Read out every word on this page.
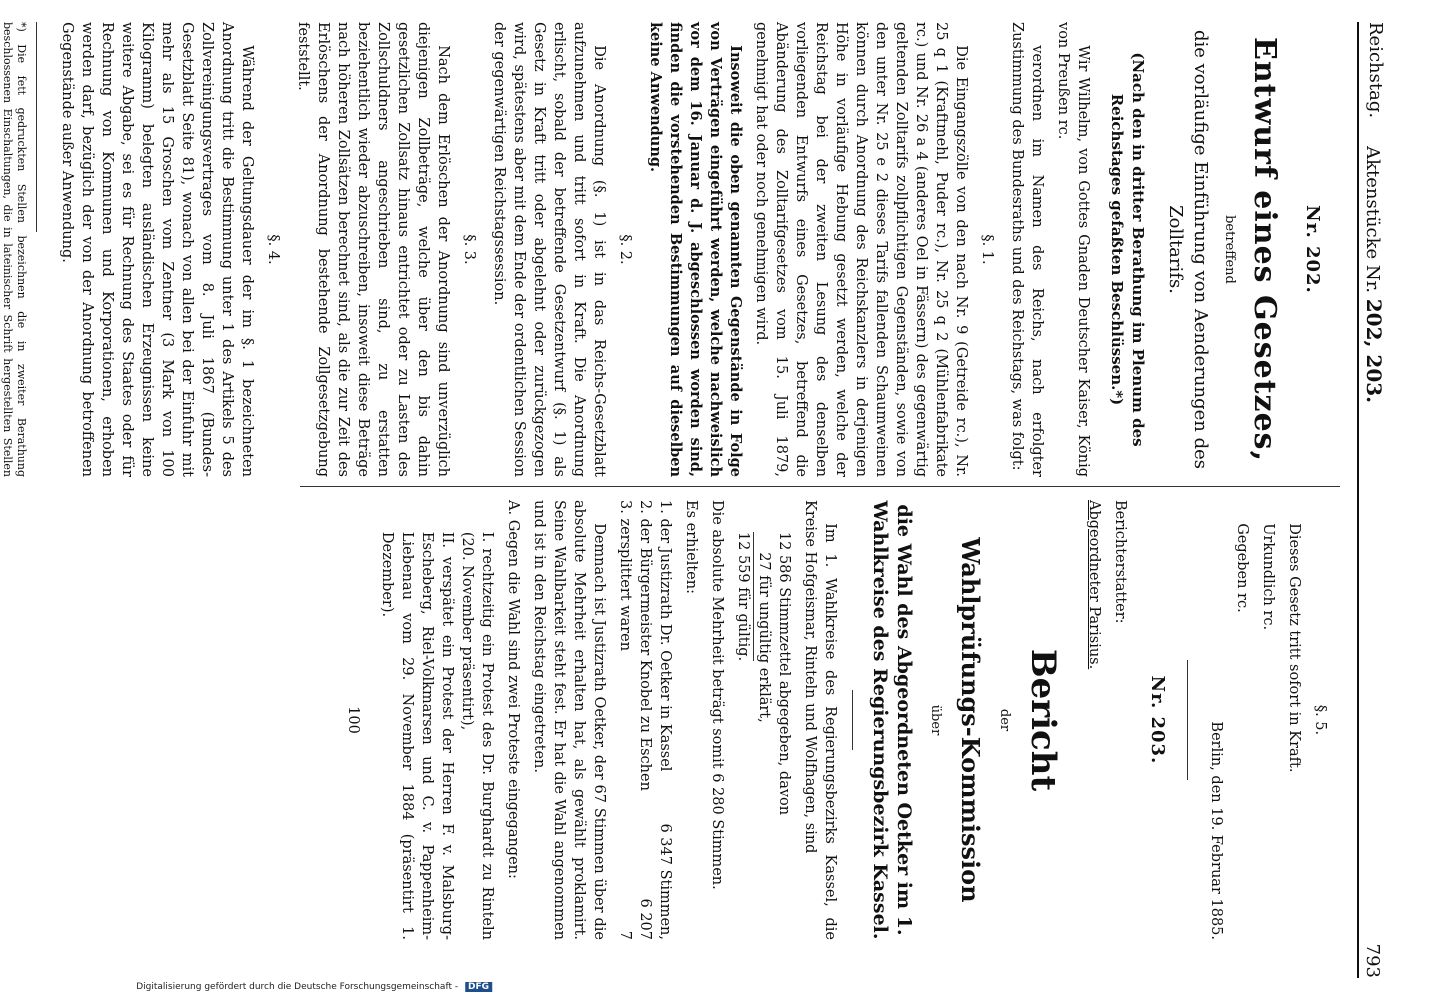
Digitalisierung gefördert durch die Deutsche Forschungsgemeinschaft - DFG
Reichstag.
Aktenstücke Nr. 202, 203.
793
Nr. 202.
Entwurf eines Gesetzes,
betreffend
die vorläufige Einführung von Aenderungen des Zolltarifs.
(Nach den in dritter Berathung im Plenum des Reichstages gefaßten Beschlüssen.*)
Wir Wilhelm, von Gottes Gnaden Deutscher Kaiser, König von Preußen rc.
verordnen im Namen des Reichs, nach erfolgter Zustimmung des Bundesraths und des Reichstags, was folgt:
§. 1.
Die Eingangszölle von den nach Nr. 9 (Getreide rc.), Nr. 25 q 1 (Kraftmehl, Puder rc.), Nr. 25 q 2 (Mühlenfabrikate rc.) und Nr. 26 a 4 (anderes Oel in Fässern) des gegenwärtig geltenden Zolltarifs zollpflichtigen Gegenständen, sowie von den unter Nr. 25 e 2 dieses Tarifs fallenden Schaumweinen können durch Anordnung des Reichskanzlers in derjenigen Höhe in vorläufige Hebung gesetzt werden, welche der Reichstag bei der zweiten Lesung des denselben vorliegenden Entwurfs eines Gesetzes, betreffend die Abänderung des Zolltarifgesetzes vom 15. Juli 1879, genehmigt hat oder noch genehmigen wird.
Insoweit die oben genannten Gegenstände in Folge von Verträgen eingeführt werden, welche nachweislich vor dem 16. Januar d. J. abgeschlossen worden sind, finden die vorstehenden Bestimmungen auf dieselben keine Anwendung.
§. 2.
Die Anordnung (§. 1) ist in das Reichs-Gesetzblatt aufzunehmen und tritt sofort in Kraft. Die Anordnung erlischt, sobald der betreffende Gesetzentwurf (§. 1) als Gesetz in Kraft tritt oder abgelehnt oder zurückgezogen wird, spätestens aber mit dem Ende der ordentlichen Session der gegenwärtigen Reichstagssession.
§. 3.
Nach dem Erlöschen der Anordnung sind unverzüglich diejenigen Zollbeträge, welche über den bis dahin gesetzlichen Zollsatz hinaus entrichtet oder zu Lasten des Zollschuldners angeschrieben sind, zu erstatten beziehentlich wieder abzuschreiben, insoweit diese Beträge nach höheren Zollsätzen berechnet sind, als die zur Zeit des Erlöschens der Anordnung bestehende Zollgesetzgebung feststellt.
§. 4.
Während der Geltungsdauer der im §. 1 bezeichneten Anordnung tritt die Bestimmung unter 1 des Artikels 5 des Zollvereinigungsvertrages vom 8. Juli 1867 (Bundes-Gesetzblatt Seite 81), wonach von allen bei der Einfuhr mit mehr als 15 Groschen vom Zentner (3 Mark von 100 Kilogramm) belegten ausländischen Erzeugnissen keine weitere Abgabe, sei es für Rechnung des Staates oder für Rechnung von Kommunen und Korporationen, erhoben werden darf, bezüglich der von der Anordnung betroffenen Gegenstände außer Anwendung.
*) Die fett gedruckten Stellen bezeichnen die in zweiter Berathung beschlossenen Einschaltungen, die in lateinischer Schrift hergestellten Stellen
§. 5.
Dieses Gesetz tritt sofort in Kraft.
Urkundlich rc.
Gegeben rc.
Berlin, den 19. Februar 1885.
Nr. 203.
Berichterstatter:
Abgeordneter Parisius.
Bericht
der
Wahlprüfungs-Kommission
über
die Wahl des Abgeordneten Oetker im 1. Wahlkreise des Regierungsbezirk Kassel.
Im 1. Wahlkreise des Regierungsbezirks Kassel, die Kreise Hofgeismar, Rinteln und Wolfhagen, sind
12 586 Stimmzettel abgegeben, davon
27 für ungültig erklärt,
12 559 für gültig.
Die absolute Mehrheit beträgt somit 6 280 Stimmen.
Es erhielten:
1. der Justizrath Dr. Oetker in Kassel
6 347 Stimmen,
2. der Bürgermeister Knobel zu Eschen
6 207
3. zersplittert waren
7
Demnach ist Justizrath Oetker, der 67 Stimmen über die absolute Mehrheit erhalten hat, als gewählt proklamirt. Seine Wahlbarkeit steht fest. Er hat die Wahl angenommen und ist in den Reichstag eingetreten.
A. Gegen die Wahl sind zwei Proteste eingegangen:
I. rechtzeitig ein Protest des Dr. Burghardt zu Rinteln (20. November präsentirt),
II. verspätet ein Protest der Herren F. v. Malsburg-Escheberg, Riel-Volkmarsen und C. v. Pappenheim-Liebenau vom 29. November 1884 (präsentirt 1. Dezember).
100
